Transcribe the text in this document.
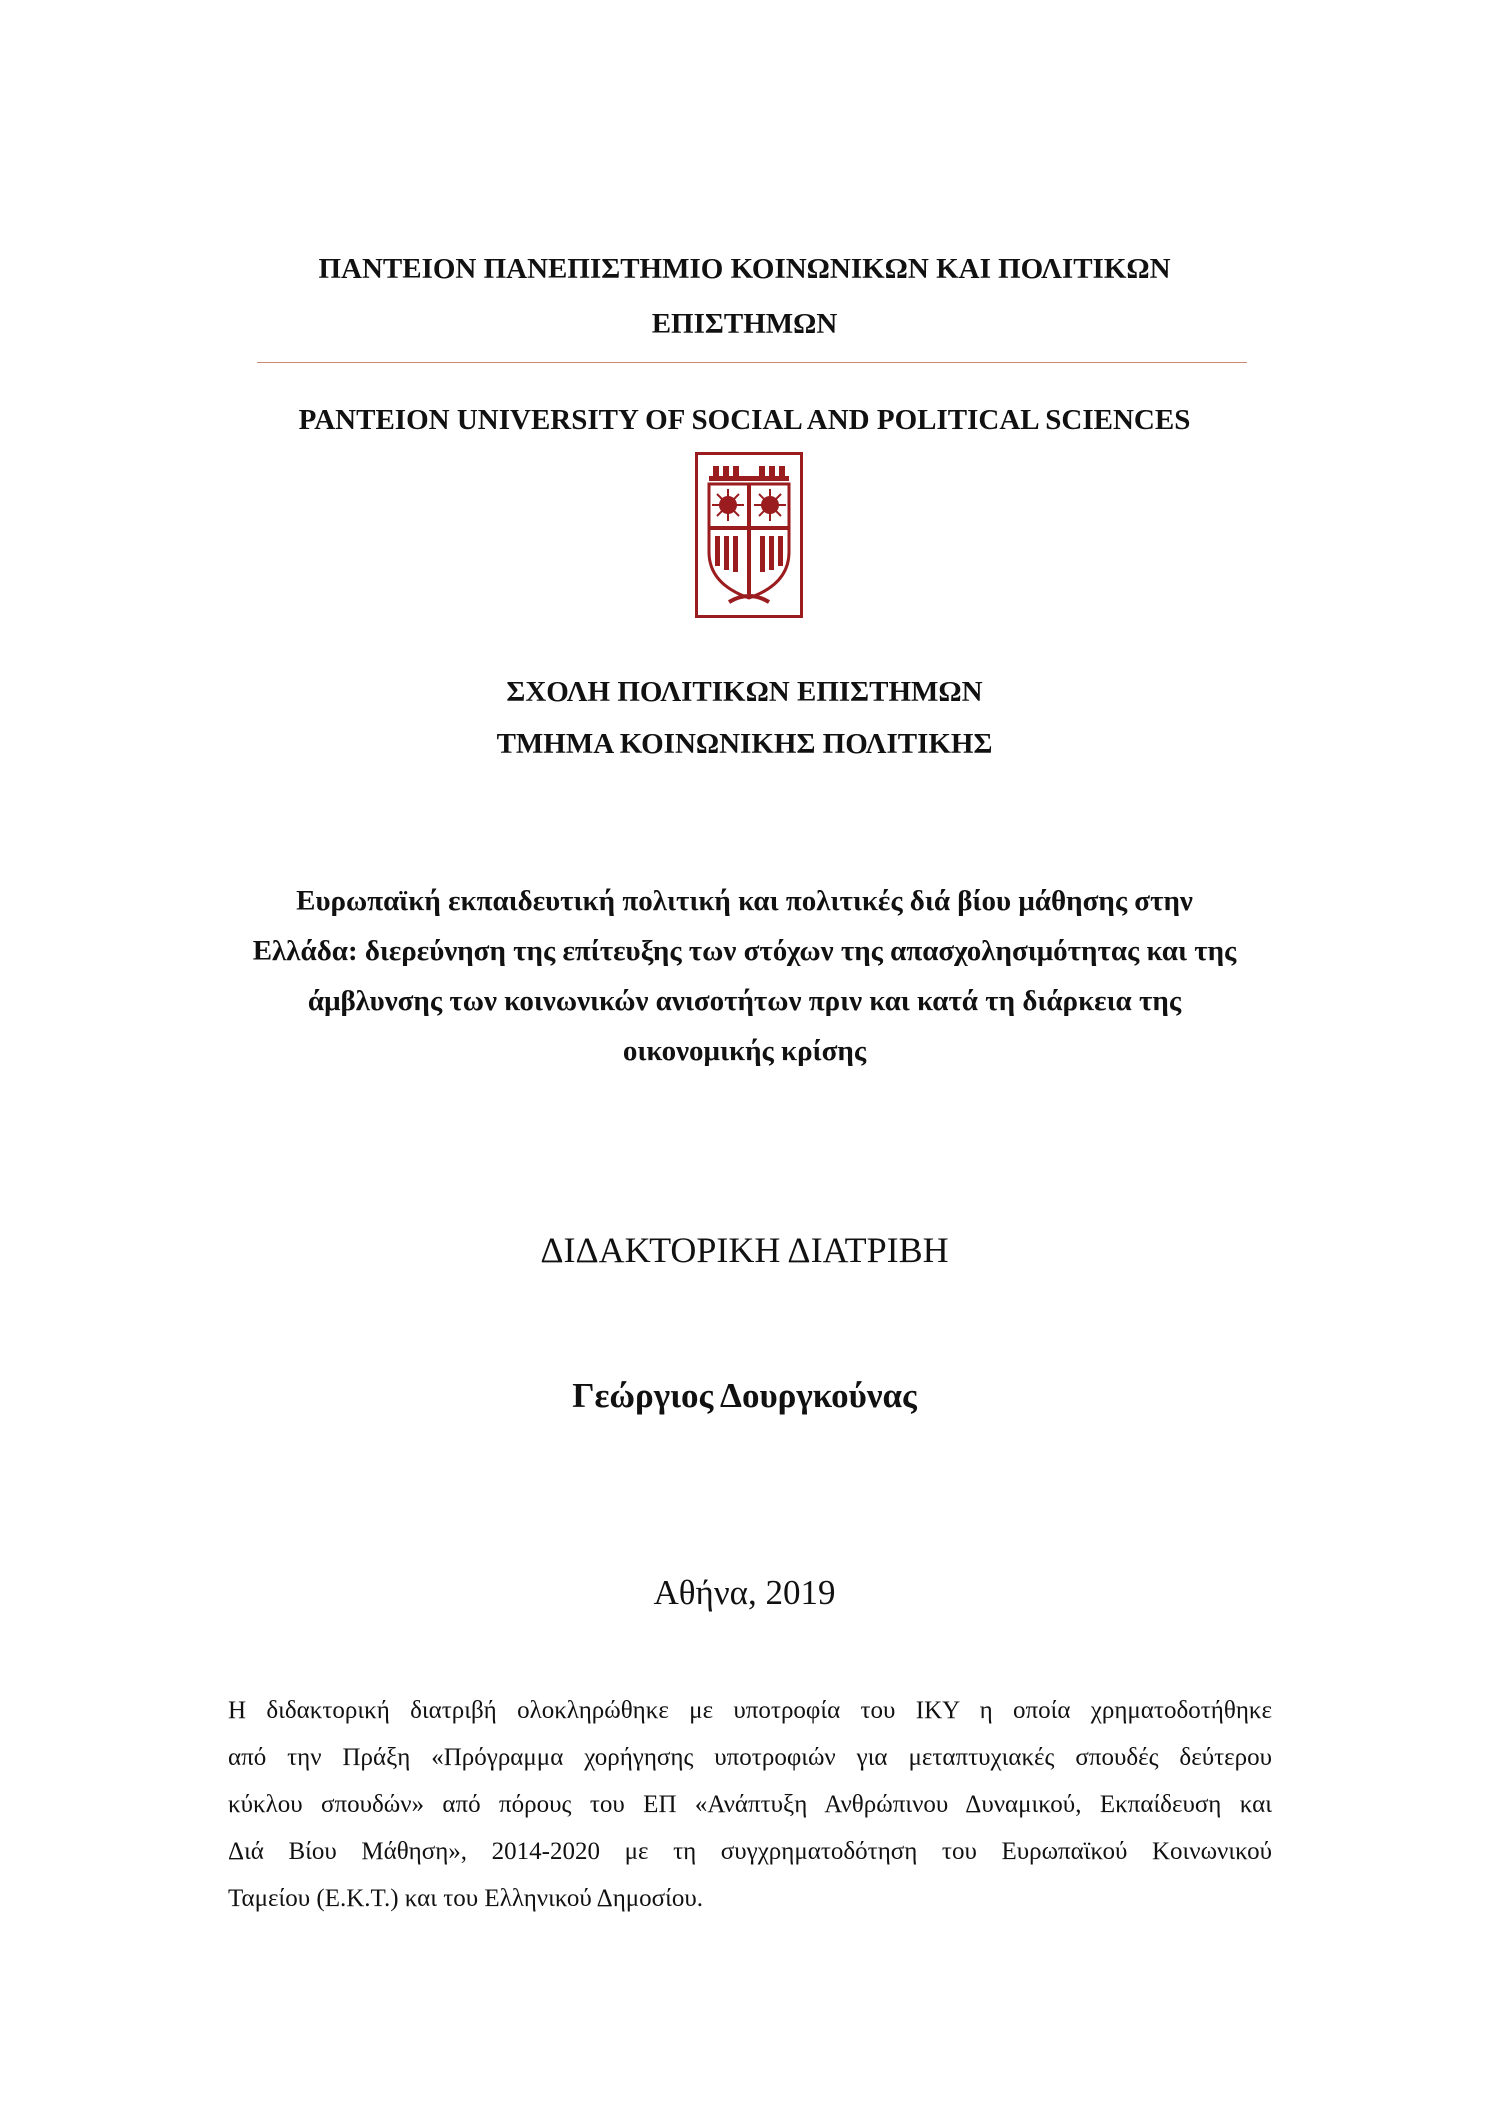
ΠΑΝΤΕΙΟΝ ΠΑΝΕΠΙΣΤΗΜΙΟ ΚΟΙΝΩΝΙΚΩΝ ΚΑΙ ΠΟΛΙΤΙΚΩΝ
ΕΠΙΣΤΗΜΩΝ
PANTEION UNIVERSITY OF SOCIAL AND POLITICAL SCIENCES
ΣΧΟΛΗ ΠΟΛΙΤΙΚΩΝ ΕΠΙΣΤΗΜΩΝ
ΤΜΗΜΑ ΚΟΙΝΩΝΙΚΗΣ ΠΟΛΙΤΙΚΗΣ
Ευρωπαϊκή εκπαιδευτική πολιτική και πολιτικές διά βίου μάθησης στην
Ελλάδα: διερεύνηση της επίτευξης των στόχων της απασχολησιμότητας και της
άμβλυνσης των κοινωνικών ανισοτήτων πριν και κατά τη διάρκεια της
οικονομικής κρίσης
ΔΙΔΑΚΤΟΡΙΚΗ ΔΙΑΤΡΙΒΗ
Γεώργιος Δουργκούνας
Αθήνα, 2019
Η διδακτορική διατριβή ολοκληρώθηκε με υποτροφία του ΙΚΥ η οποία χρηματοδοτήθηκε
από την Πράξη «Πρόγραμμα χορήγησης υποτροφιών για μεταπτυχιακές σπουδές δεύτερου
κύκλου σπουδών» από πόρους του ΕΠ «Ανάπτυξη Ανθρώπινου Δυναμικού, Εκπαίδευση και
Διά Βίου Μάθηση», 2014-2020 με τη συγχρηματοδότηση του Ευρωπαϊκού Κοινωνικού
Ταμείου (Ε.Κ.Τ.) και του Ελληνικού Δημοσίου.
